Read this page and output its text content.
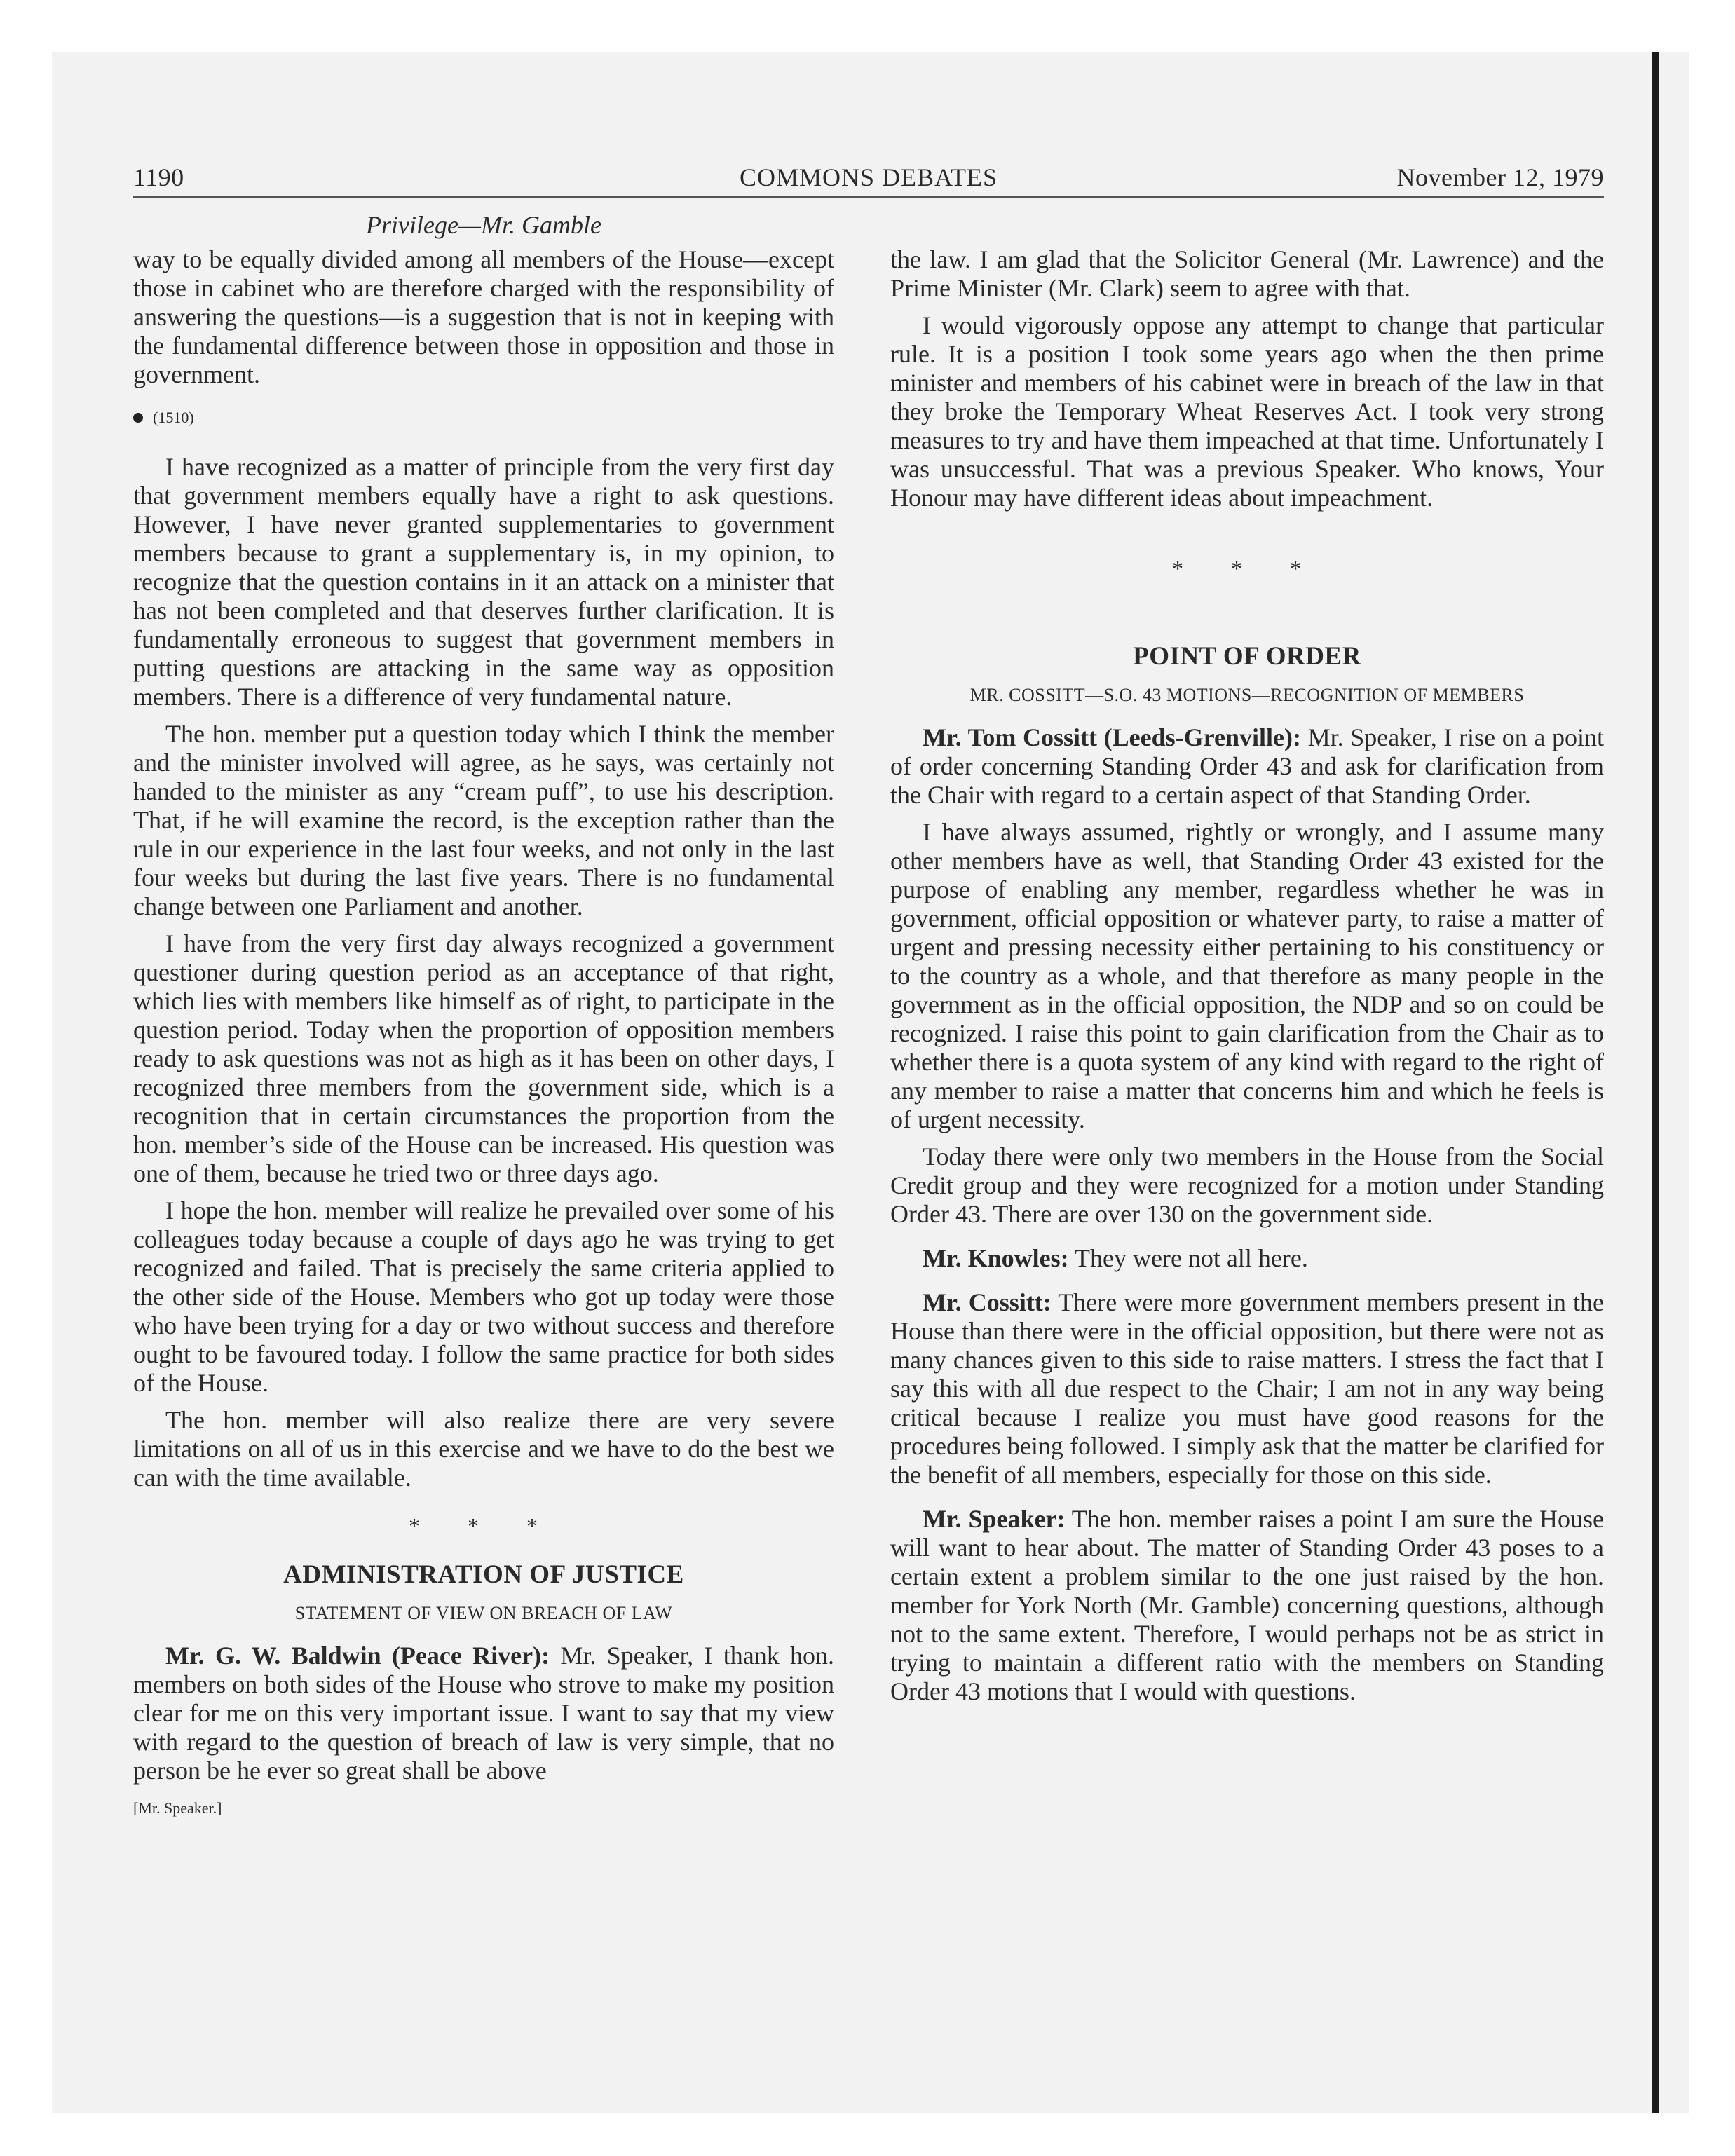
1190	COMMONS DEBATES	November 12, 1979
Privilege—Mr. Gamble

way to be equally divided among all members of the House—except those in cabinet who are therefore charged with the responsibility of answering the questions—is a suggestion that is not in keeping with the fundamental difference between those in opposition and those in government.

(1510)

I have recognized as a matter of principle from the very first day that government members equally have a right to ask questions. However, I have never granted supplementaries to government members because to grant a supplementary is, in my opinion, to recognize that the question contains in it an attack on a minister that has not been completed and that deserves further clarification. It is fundamentally erroneous to suggest that government members in putting questions are attacking in the same way as opposition members. There is a difference of very fundamental nature.

The hon. member put a question today which I think the member and the minister involved will agree, as he says, was certainly not handed to the minister as any “cream puff”, to use his description. That, if he will examine the record, is the exception rather than the rule in our experience in the last four weeks, and not only in the last four weeks but during the last five years. There is no fundamental change between one Parliament and another.

I have from the very first day always recognized a government questioner during question period as an acceptance of that right, which lies with members like himself as of right, to participate in the question period. Today when the proportion of opposition members ready to ask questions was not as high as it has been on other days, I recognized three members from the government side, which is a recognition that in certain circumstances the proportion from the hon. member’s side of the House can be increased. His question was one of them, because he tried two or three days ago.

I hope the hon. member will realize he prevailed over some of his colleagues today because a couple of days ago he was trying to get recognized and failed. That is precisely the same criteria applied to the other side of the House. Members who got up today were those who have been trying for a day or two without success and therefore ought to be favoured today. I follow the same practice for both sides of the House.

The hon. member will also realize there are very severe limitations on all of us in this exercise and we have to do the best we can with the time available.

* * *
ADMINISTRATION OF JUSTICE
STATEMENT OF VIEW ON BREACH OF LAW

Mr. G. W. Baldwin (Peace River): Mr. Speaker, I thank hon. members on both sides of the House who strove to make my position clear for me on this very important issue. I want to say that my view with regard to the question of breach of law is very simple, that no person be he ever so great shall be above

[Mr. Speaker.]

the law. I am glad that the Solicitor General (Mr. Lawrence) and the Prime Minister (Mr. Clark) seem to agree with that.

I would vigorously oppose any attempt to change that particular rule. It is a position I took some years ago when the then prime minister and members of his cabinet were in breach of the law in that they broke the Temporary Wheat Reserves Act. I took very strong measures to try and have them impeached at that time. Unfortunately I was unsuccessful. That was a previous Speaker. Who knows, Your Honour may have different ideas about impeachment.

* * *
POINT OF ORDER
MR. COSSITT—S.O. 43 MOTIONS—RECOGNITION OF MEMBERS

Mr. Tom Cossitt (Leeds-Grenville): Mr. Speaker, I rise on a point of order concerning Standing Order 43 and ask for clarification from the Chair with regard to a certain aspect of that Standing Order.

I have always assumed, rightly or wrongly, and I assume many other members have as well, that Standing Order 43 existed for the purpose of enabling any member, regardless whether he was in government, official opposition or whatever party, to raise a matter of urgent and pressing necessity either pertaining to his constituency or to the country as a whole, and that therefore as many people in the government as in the official opposition, the NDP and so on could be recognized. I raise this point to gain clarification from the Chair as to whether there is a quota system of any kind with regard to the right of any member to raise a matter that concerns him and which he feels is of urgent necessity.

Today there were only two members in the House from the Social Credit group and they were recognized for a motion under Standing Order 43. There are over 130 on the government side.

Mr. Knowles: They were not all here.

Mr. Cossitt: There were more government members present in the House than there were in the official opposition, but there were not as many chances given to this side to raise matters. I stress the fact that I say this with all due respect to the Chair; I am not in any way being critical because I realize you must have good reasons for the procedures being followed. I simply ask that the matter be clarified for the benefit of all members, especially for those on this side.

Mr. Speaker: The hon. member raises a point I am sure the House will want to hear about. The matter of Standing Order 43 poses to a certain extent a problem similar to the one just raised by the hon. member for York North (Mr. Gamble) concerning questions, although not to the same extent. Therefore, I would perhaps not be as strict in trying to maintain a different ratio with the members on Standing Order 43 motions that I would with questions.
